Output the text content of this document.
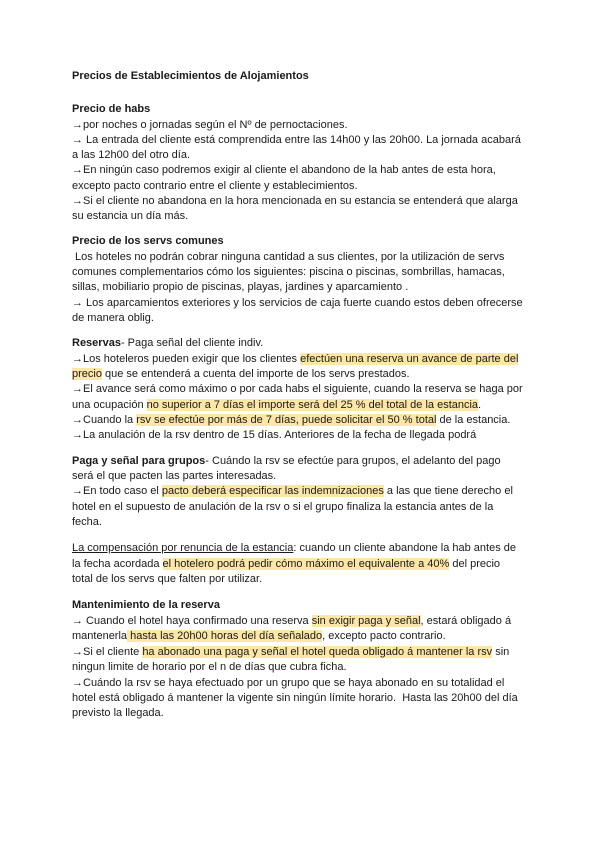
Precios de Establecimientos de Alojamientos
Precio de habs
→por noches o jornadas según el Nº de pernoctaciones.
→ La entrada del cliente está comprendida entre las 14h00 y las 20h00. La jornada acabará
a las 12h00 del otro día.
→En ningún caso podremos exigir al cliente el abandono de la hab antes de esta hora,
excepto pacto contrario entre el cliente y establecimientos.
→Si el cliente no abandona en la hora mencionada en su estancia se entenderá que alarga
su estancia un día más.
Precio de los servs comunes
Los hoteles no podrán cobrar ninguna cantidad a sus clientes, por la utilización de servs
comunes complementarios cómo los siguientes: piscina o piscinas, sombrillas, hamacas,
sillas, mobiliario propio de piscinas, playas, jardines y aparcamiento .
→ Los aparcamientos exteriores y los servicios de caja fuerte cuando estos deben ofrecerse
de manera oblig.
Reservas- Paga señal del cliente indiv.
→Los hoteleros pueden exigir que los clientes efectúen una reserva un avance de parte del
precio que se entenderá a cuenta del importe de los servs prestados.
→El avance será como máximo o por cada habs el siguiente, cuando la reserva se haga por
una ocupación no superior a 7 días el importe será del 25 % del total de la estancia.
→Cuando la rsv se efectúe por más de 7 días, puede solicitar el 50 % total de la estancia.
→La anulación de la rsv dentro de 15 días. Anteriores de la fecha de llegada podrá
Paga y señal para grupos- Cuándo la rsv se efectúe para grupos, el adelanto del pago
será el que pacten las partes interesadas.
→En todo caso el pacto deberá especificar las indemnizaciones a las que tiene derecho el
hotel en el supuesto de anulación de la rsv o si el grupo finaliza la estancia antes de la
fecha.
La compensación por renuncia de la estancia: cuando un cliente abandone la hab antes de
la fecha acordada el hotelero podrá pedir cómo máximo el equivalente a 40% del precio
total de los servs que falten por utilizar.
Mantenimiento de la reserva
→ Cuando el hotel haya confirmado una reserva sin exigir paga y señal, estará obligado á
mantenerla hasta las 20h00 horas del día señalado, excepto pacto contrario.
→Si el cliente ha abonado una paga y señal el hotel queda obligado á mantener la rsv sin
ningun limite de horario por el n de días que cubra ficha.
→Cuándo la rsv se haya efectuado por un grupo que se haya abonado en su totalidad el
hotel está obligado á mantener la vigente sin ningún límite horario.  Hasta las 20h00 del día
previsto la llegada.
